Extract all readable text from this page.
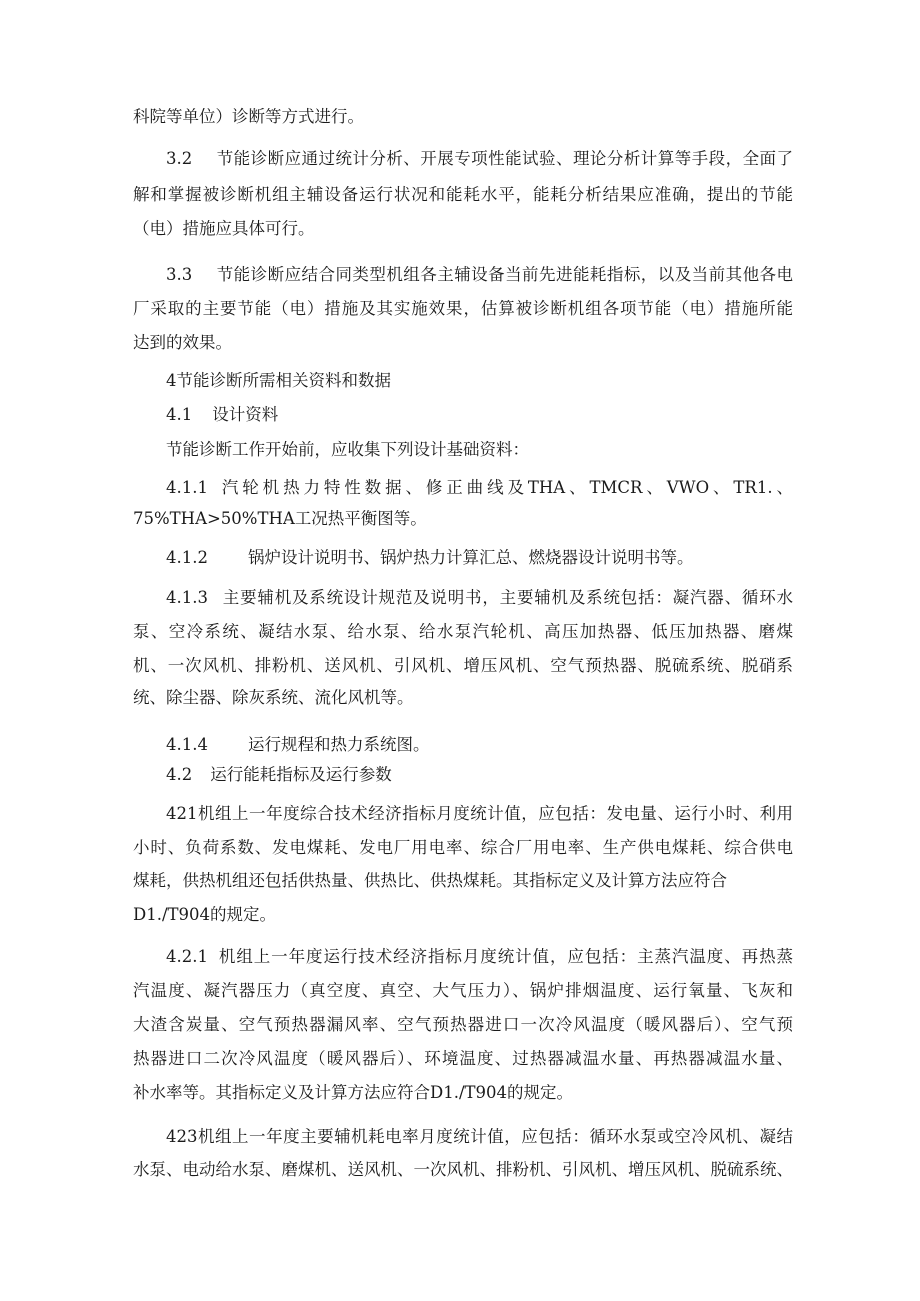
科院等单位）诊断等方式进行。
3.2 节能诊断应通过统计分析、开展专项性能试验、理论分析计算等手段，全面了
解和掌握被诊断机组主辅设备运行状况和能耗水平，能耗分析结果应准确，提出的节能
（电）措施应具体可行。
3.3 节能诊断应结合同类型机组各主辅设备当前先进能耗指标，以及当前其他各电
厂采取的主要节能（电）措施及其实施效果，估算被诊断机组各项节能（电）措施所能
达到的效果。
4节能诊断所需相关资料和数据
4.1 设计资料
节能诊断工作开始前，应收集下列设计基础资料：
4.1.1 汽轮机热力特性数据、修正曲线及THA、TMCR、VWO、TR1.、
75%THA>50%THA工况热平衡图等。
4.1.2 锅炉设计说明书、锅炉热力计算汇总、燃烧器设计说明书等。
4.1.3 主要辅机及系统设计规范及说明书，主要辅机及系统包括：凝汽器、循环水
泵、空冷系统、凝结水泵、给水泵、给水泵汽轮机、高压加热器、低压加热器、磨煤
机、一次风机、排粉机、送风机、引风机、增压风机、空气预热器、脱硫系统、脱硝系
统、除尘器、除灰系统、流化风机等。
4.1.4 运行规程和热力系统图。
4.2 运行能耗指标及运行参数
421机组上一年度综合技术经济指标月度统计值，应包括：发电量、运行小时、利用
小时、负荷系数、发电煤耗、发电厂用电率、综合厂用电率、生产供电煤耗、综合供电
煤耗，供热机组还包括供热量、供热比、供热煤耗。其指标定义及计算方法应符合
D1./T904的规定。
4.2.1 机组上一年度运行技术经济指标月度统计值，应包括：主蒸汽温度、再热蒸
汽温度、凝汽器压力（真空度、真空、大气压力）、锅炉排烟温度、运行氧量、飞灰和
大渣含炭量、空气预热器漏风率、空气预热器进口一次冷风温度（暖风器后）、空气预
热器进口二次冷风温度（暖风器后）、环境温度、过热器减温水量、再热器减温水量、
补水率等。其指标定义及计算方法应符合D1./T904的规定。
423机组上一年度主要辅机耗电率月度统计值，应包括：循环水泵或空冷风机、凝结
水泵、电动给水泵、磨煤机、送风机、一次风机、排粉机、引风机、增压风机、脱硫系统、
